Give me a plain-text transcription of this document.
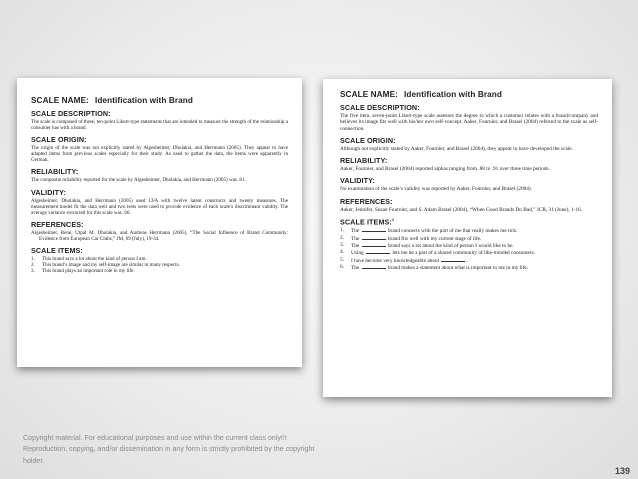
SCALE NAME: Identification with Brand
SCALE DESCRIPTION:
The scale is composed of three, ten-point Likert-type statements that are intended to measure the strength of the relationship a consumer has with a brand.
SCALE ORIGIN:
The origin of the scale was not explicitly stated by Algesheimer, Dholakia, and Herrmann (2005). They appear to have adapted items from previous scales especially for their study. As used to gather the data, the items were apparently in German.
RELIABILITY:
The composite reliability reported for the scale by Algesheimer, Dholakia, and Herrmann (2005) was .81.
VALIDITY:
Algesheimer, Dholakia, and Herrmann (2005) used CFA with twelve latent constructs and twenty measures. The measurement model fit the data well and two tests were used to provide evidence of each scale’s discriminant validity. The average variance extracted for this scale was .66.
REFERENCES:
Algesheimer, René, Utpal M. Dholakia, and Andreas Herrmann (2005), “The Social Influence of Brand Community: Evidence from European Car Clubs,” JM, 69 (July), 19-34.
SCALE ITEMS:
1.	This brand says a lot about the kind of person I am.
2.	This brand’s image and my self-image are similar in many respects.
3.	This brand plays an important role in my life.
SCALE NAME: Identification with Brand
SCALE DESCRIPTION:
The five item, seven-point Likert-type scale assesses the degree to which a customer relates with a brand/company and believes its image fits well with his/her own self-concept. Aaker, Fournier, and Brasel (2004) referred to the scale as self-connection.
SCALE ORIGIN:
Although not explicitly stated by Aaker, Fournier, and Brasel (2004), they appear to have developed the scale.
RELIABILITY:
Aaker, Fournier, and Brasel (2004) reported alphas ranging from .88 to .91 over three time periods.
VALIDITY:
No examination of the scale’s validity was reported by Aaker, Fournier, and Brasel (2004).
REFERENCES:
Aaker, Jennifer, Susan Fournier, and S. Adam Brasel (2004), “When Good Brands Do Bad,” JCR, 31 (June), 1-16.
SCALE ITEMS:$^1$
1.	The	brand connects with the part of me that really makes me tick.
2.	The	brand fits well with my current stage of life.
3.	The	brand says a lot about the kind of person I would like to be.
4.	Using	lets me be a part of a shared community of like-minded consumers.
5.	I have become very knowledgeable about	.
6.	The	brand makes a statement about what is important to me in my life.
Copyright material. For educational purposes and use within the current class only!!! Reproduction, copying, and/or dissemination in any form is strictly prohibited by the copyright holder.
139
